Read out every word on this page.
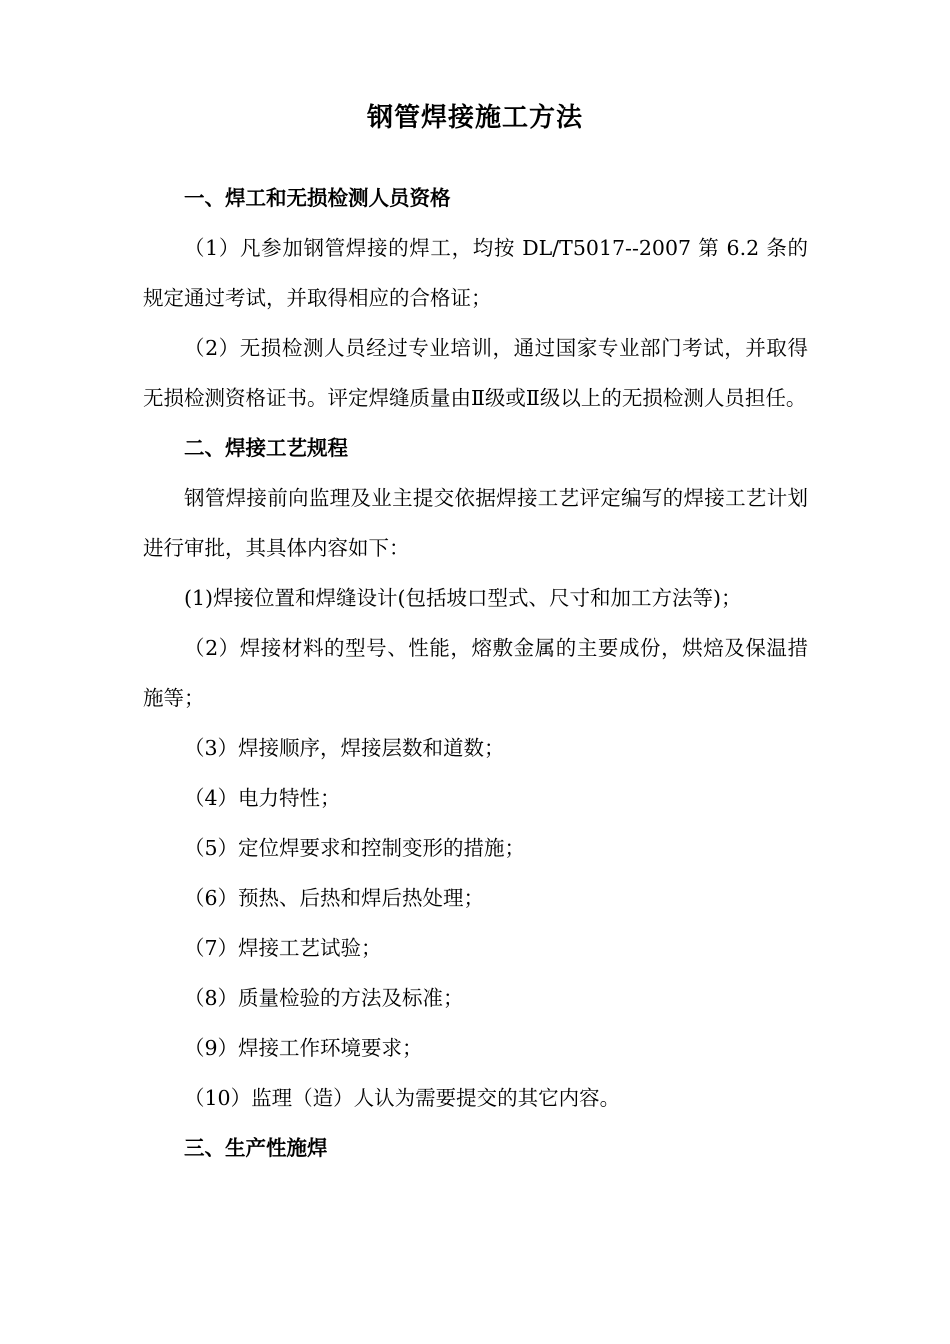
钢管焊接施工方法

一、焊工和无损检测人员资格

（1）凡参加钢管焊接的焊工，均按 DL/T5017--2007 第 6.2 条的规定通过考试，并取得相应的合格证；

（2）无损检测人员经过专业培训，通过国家专业部门考试，并取得无损检测资格证书。评定焊缝质量由Ⅱ级或Ⅱ级以上的无损检测人员担任。

二、焊接工艺规程

钢管焊接前向监理及业主提交依据焊接工艺评定编写的焊接工艺计划进行审批，其具体内容如下：

(1)焊接位置和焊缝设计(包括坡口型式、尺寸和加工方法等)；

（2）焊接材料的型号、性能，熔敷金属的主要成份，烘焙及保温措施等；

（3）焊接顺序，焊接层数和道数；

（4）电力特性；

（5）定位焊要求和控制变形的措施；

（6）预热、后热和焊后热处理；

（7）焊接工艺试验；

（8）质量检验的方法及标准；

（9）焊接工作环境要求；

（10）监理（造）人认为需要提交的其它内容。

三、生产性施焊
